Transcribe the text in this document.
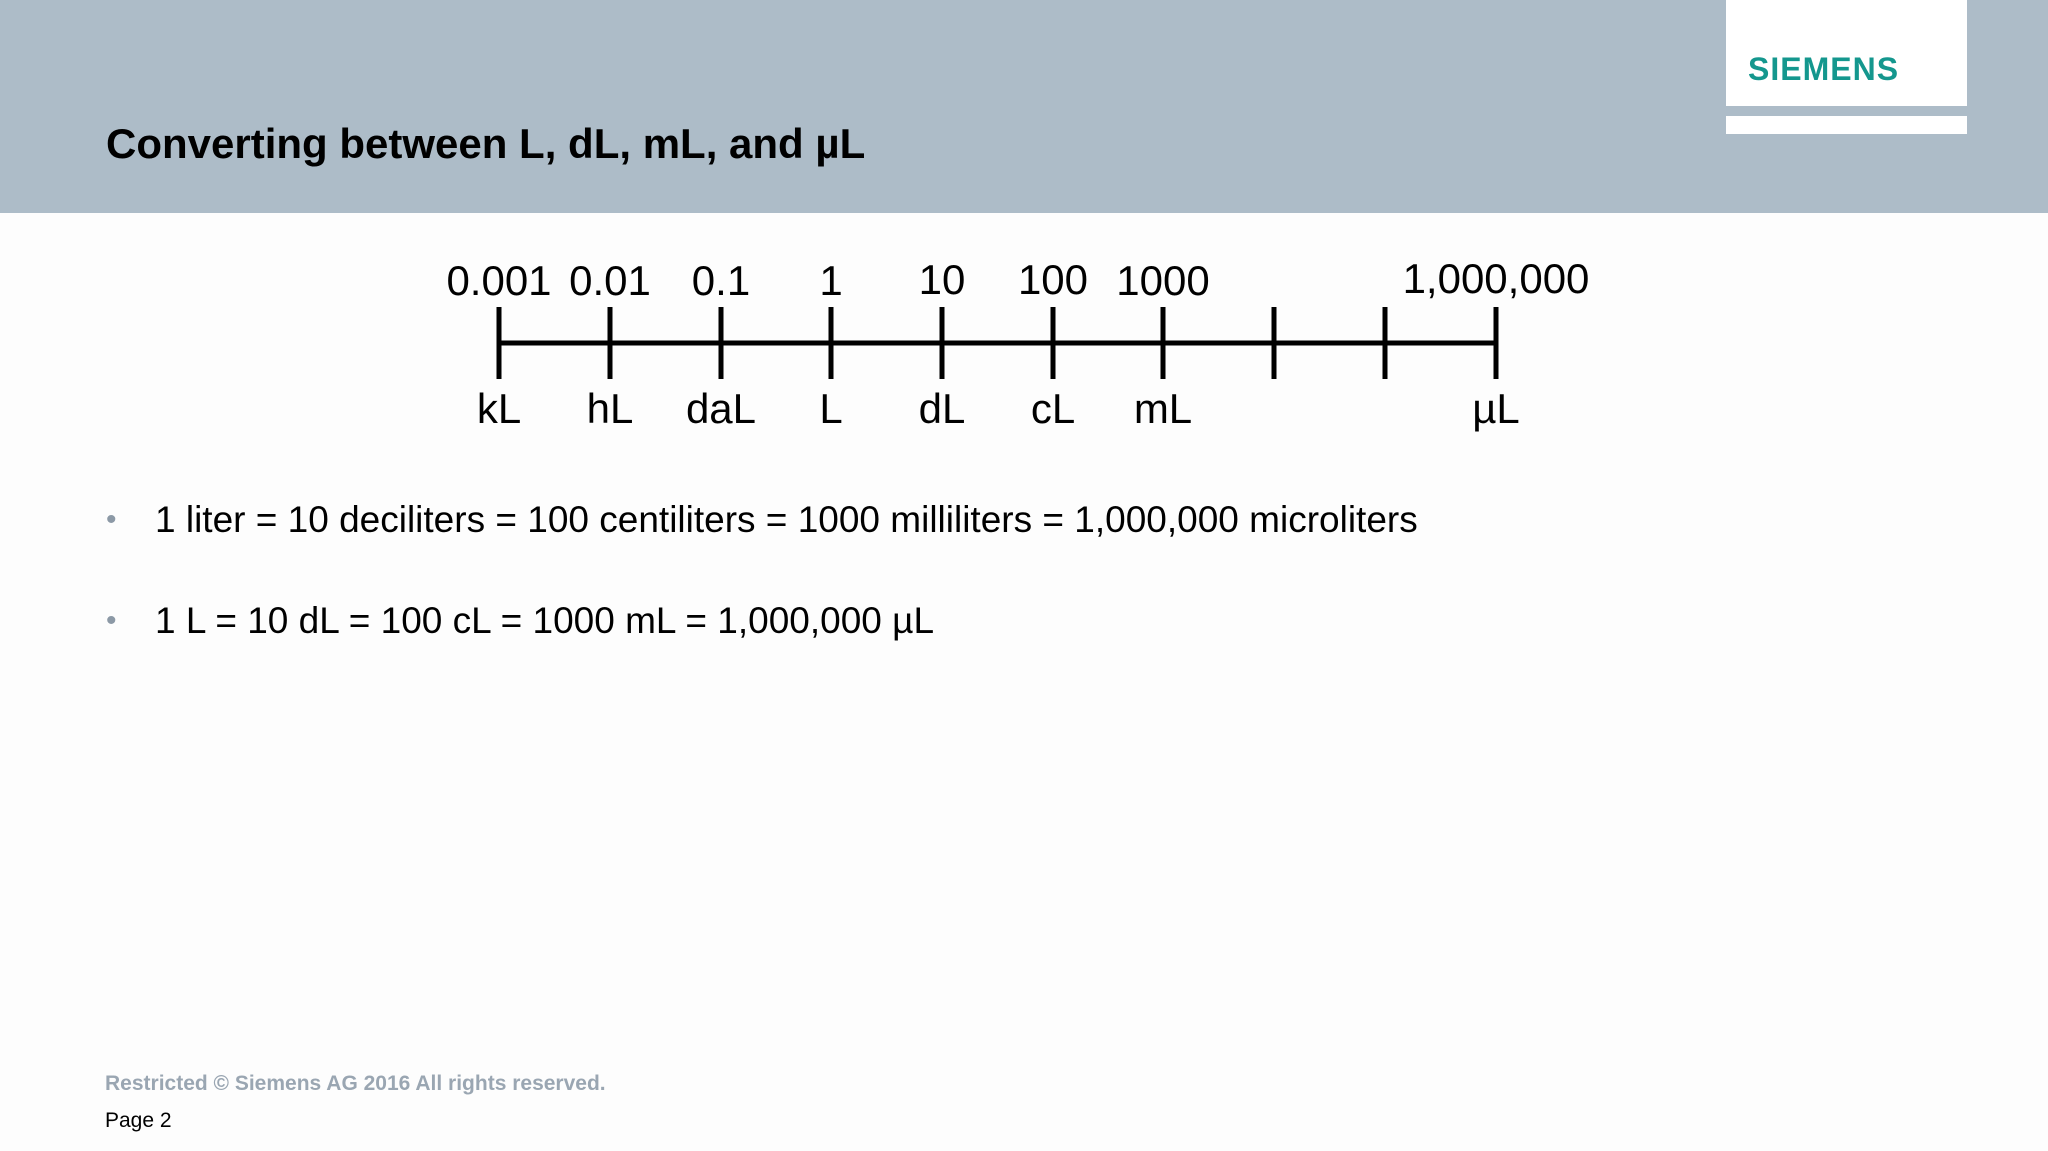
Converting between L, dL, mL, and µL
SIEMENS
0.001 0.01 0.1 1 10 100 1000	1,000,000
kL hL daL L dL cL mL	µL
• 1 liter = 10 deciliters = 100 centiliters = 1000 milliliters = 1,000,000 microliters
• 1 L = 10 dL = 100 cL = 1000 mL = 1,000,000 µL
Restricted © Siemens AG 2016 All rights reserved.
Page 2
